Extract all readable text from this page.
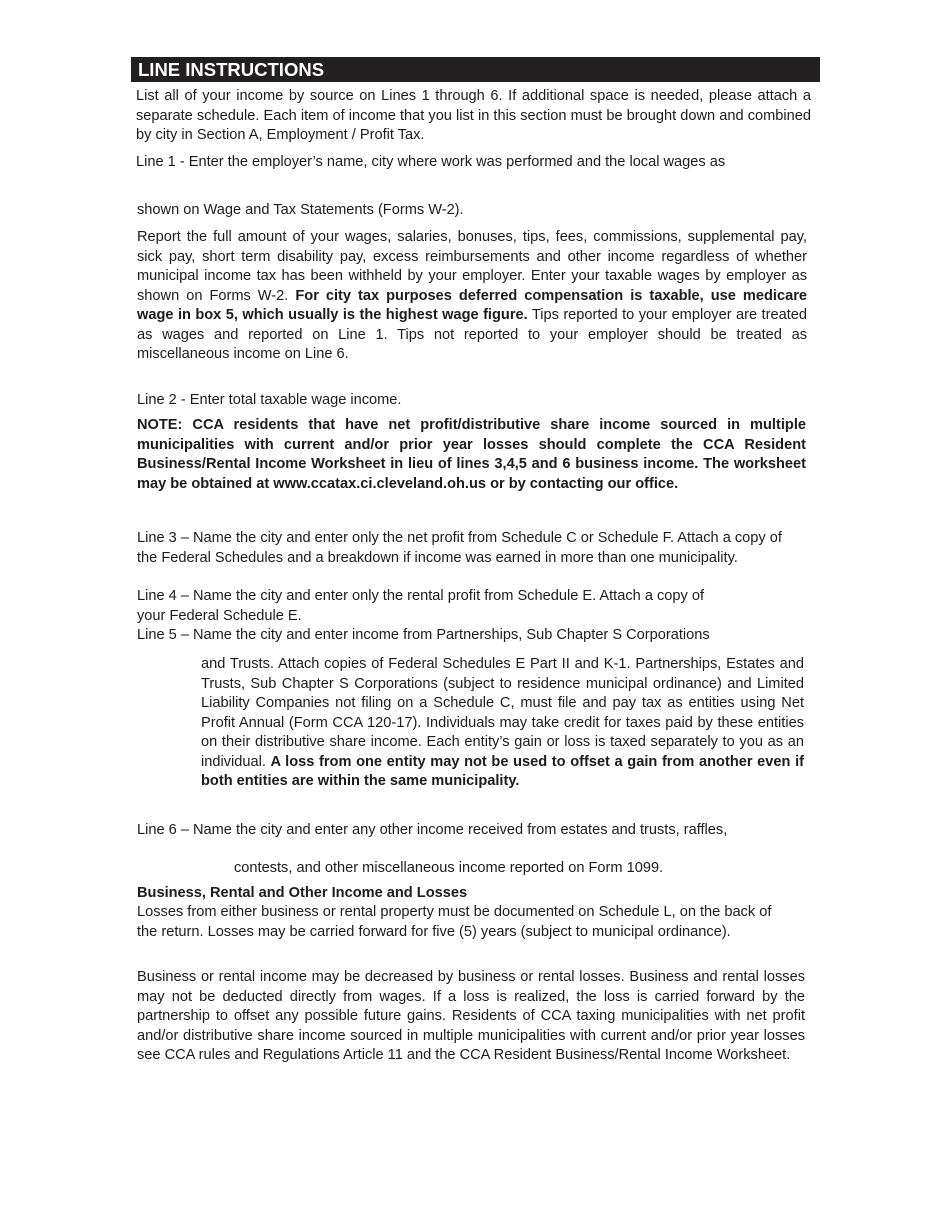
LINE INSTRUCTIONS

List all of your income by source on Lines 1 through 6. If additional space is needed, please attach a separate schedule. Each item of income that you list in this section must be brought down and combined by city in Section A, Employment / Profit Tax.

Line 1 - Enter the employer’s name, city where work was performed and the local wages as

shown on Wage and Tax Statements (Forms W-2).

Report the full amount of your wages, salaries, bonuses, tips, fees, commissions, supplemental pay, sick pay, short term disability pay, excess reimbursements and other income regardless of whether municipal income tax has been withheld by your employer. Enter your taxable wages by employer as shown on Forms W-2. For city tax purposes deferred compensation is taxable, use medicare wage in box 5, which usually is the highest wage figure. Tips reported to your employer are treated as wages and reported on Line 1. Tips not reported to your employer should be treated as miscellaneous income on Line 6.

Line 2 - Enter total taxable wage income.

NOTE: CCA residents that have net profit/distributive share income sourced in multiple municipalities with current and/or prior year losses should complete the CCA Resident Business/Rental Income Worksheet in lieu of lines 3,4,5 and 6 business income. The worksheet may be obtained at www.ccatax.ci.cleveland.oh.us or by contacting our office.

Line 3 – Name the city and enter only the net profit from Schedule C or Schedule F. Attach a copy of the Federal Schedules and a breakdown if income was earned in more than one municipality.

Line 4 – Name the city and enter only the rental profit from Schedule E. Attach a copy of

your Federal Schedule E.

Line 5 – Name the city and enter income from Partnerships, Sub Chapter S Corporations

and Trusts. Attach copies of Federal Schedules E Part II and K-1. Partnerships, Estates and Trusts, Sub Chapter S Corporations (subject to residence municipal ordinance) and Limited Liability Companies not filing on a Schedule C, must file and pay tax as entities using Net Profit Annual (Form CCA 120-17). Individuals may take credit for taxes paid by these entities on their distributive share income. Each entity’s gain or loss is taxed separately to you as an individual. A loss from one entity may not be used to offset a gain from another even if both entities are within the same municipality.

Line 6 – Name the city and enter any other income received from estates and trusts, raffles,

contests, and other miscellaneous income reported on Form 1099.

Business, Rental and Other Income and Losses

Losses from either business or rental property must be documented on Schedule L, on the back of the return. Losses may be carried forward for five (5) years (subject to municipal ordinance).

Business or rental income may be decreased by business or rental losses. Business and rental losses may not be deducted directly from wages. If a loss is realized, the loss is carried forward by the partnership to offset any possible future gains. Residents of CCA taxing municipalities with net profit and/or distributive share income sourced in multiple municipalities with current and/or prior year losses see CCA rules and Regulations Article 11 and the CCA Resident Business/Rental Income Worksheet.
